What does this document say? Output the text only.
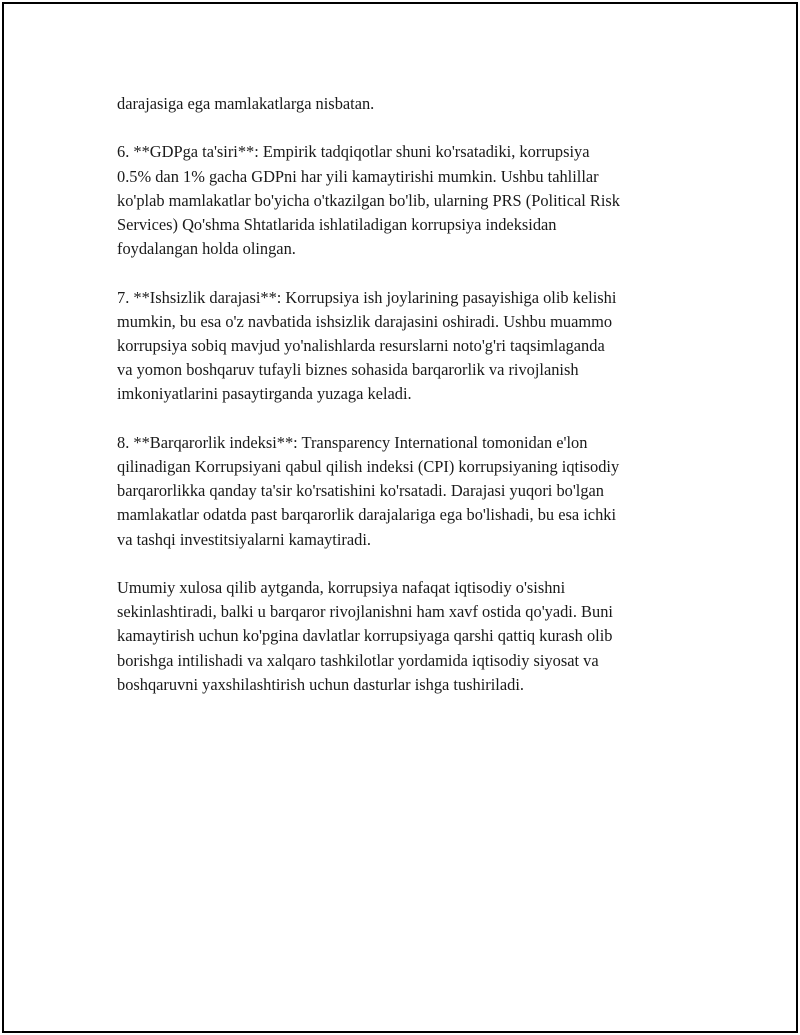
darajasiga ega mamlakatlarga nisbatan.

6. **GDPga ta'siri**: Empirik tadqiqotlar shuni ko'rsatadiki, korrupsiya
0.5% dan 1% gacha GDPni har yili kamaytirishi mumkin. Ushbu tahlillar
ko'plab mamlakatlar bo'yicha o'tkazilgan bo'lib, ularning PRS (Political Risk
Services) Qo'shma Shtatlarida ishlatiladigan korrupsiya indeksidan
foydalangan holda olingan.

7. **Ishsizlik darajasi**: Korrupsiya ish joylarining pasayishiga olib kelishi
mumkin, bu esa o'z navbatida ishsizlik darajasini oshiradi. Ushbu muammo
korrupsiya sobiq mavjud yo'nalishlarda resurslarni noto'g'ri taqsimlaganda
va yomon boshqaruv tufayli biznes sohasida barqarorlik va rivojlanish
imkoniyatlarini pasaytirganda yuzaga keladi.

8. **Barqarorlik indeksi**: Transparency International tomonidan e'lon
qilinadigan Korrupsiyani qabul qilish indeksi (CPI) korrupsiyaning iqtisodiy
barqarorlikka qanday ta'sir ko'rsatishini ko'rsatadi. Darajasi yuqori bo'lgan
mamlakatlar odatda past barqarorlik darajalariga ega bo'lishadi, bu esa ichki
va tashqi investitsiyalarni kamaytiradi.

Umumiy xulosa qilib aytganda, korrupsiya nafaqat iqtisodiy o'sishni
sekinlashtiradi, balki u barqaror rivojlanishni ham xavf ostida qo'yadi. Buni
kamaytirish uchun ko'pgina davlatlar korrupsiyaga qarshi qattiq kurash olib
borishga intilishadi va xalqaro tashkilotlar yordamida iqtisodiy siyosat va
boshqaruvni yaxshilashtirish uchun dasturlar ishga tushiriladi.
